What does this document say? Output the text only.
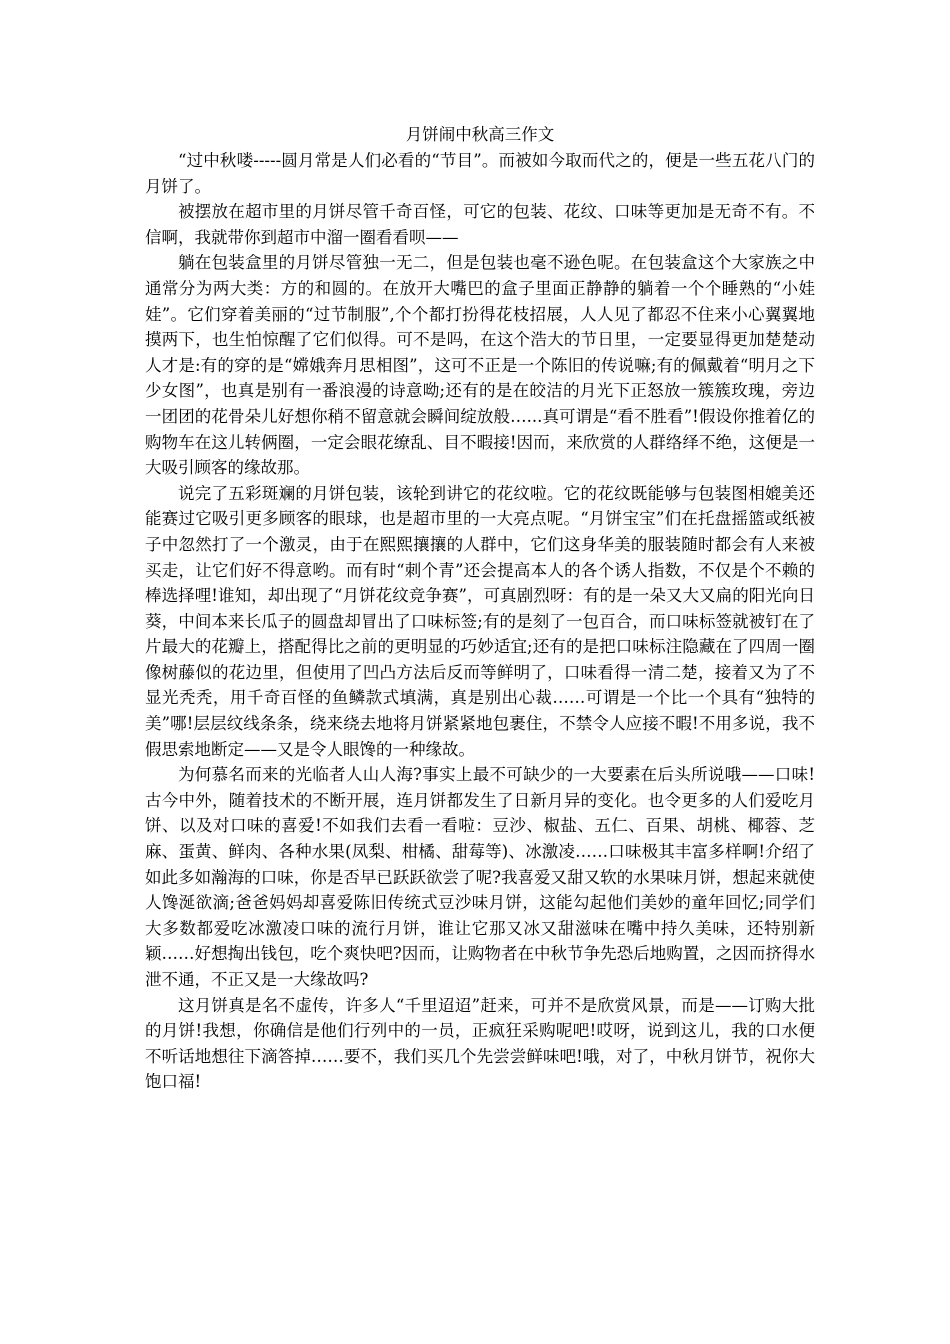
月饼闹中秋高三作文

“过中秋喽-----圆月常是人们必看的“节目”。而被如今取而代之的，便是一些五花八门的月饼了。

被摆放在超市里的月饼尽管千奇百怪，可它的包装、花纹、口味等更加是无奇不有。不信啊，我就带你到超市中溜一圈看看呗——

躺在包装盒里的月饼尽管独一无二，但是包装也毫不逊色呢。在包装盒这个大家族之中通常分为两大类：方的和圆的。在放开大嘴巴的盒子里面正静静的躺着一个个睡熟的“小娃娃”。它们穿着美丽的“过节制服”,个个都打扮得花枝招展，人人见了都忍不住来小心翼翼地摸两下，也生怕惊醒了它们似得。可不是吗，在这个浩大的节日里，一定要显得更加楚楚动人才是:有的穿的是“嫦娥奔月思相图”，这可不正是一个陈旧的传说嘛;有的佩戴着“明月之下少女图”，也真是别有一番浪漫的诗意呦;还有的是在皎洁的月光下正怒放一簇簇玫瑰，旁边一团团的花骨朵儿好想你稍不留意就会瞬间绽放般…...真可谓是“看不胜看”!假设你推着亿的购物车在这儿转俩圈，一定会眼花缭乱、目不暇接!因而，来欣赏的人群络绎不绝，这便是一大吸引顾客的缘故那。

说完了五彩斑斓的月饼包装，该轮到讲它的花纹啦。它的花纹既能够与包装图相媲美还能赛过它吸引更多顾客的眼球，也是超市里的一大亮点呢。“月饼宝宝”们在托盘摇篮或纸被子中忽然打了一个激灵，由于在熙熙攘攘的人群中，它们这身华美的服装随时都会有人来被买走，让它们好不得意哟。而有时“刺个青”还会提高本人的各个诱人指数，不仅是个不赖的棒选择哩!谁知，却出现了“月饼花纹竞争赛”，可真剧烈呀：有的是一朵又大又扁的阳光向日葵，中间本来长瓜子的圆盘却冒出了口味标签;有的是刻了一包百合，而口味标签就被钉在了片最大的花瓣上，搭配得比之前的更明显的巧妙适宜;还有的是把口味标注隐藏在了四周一圈像树藤似的花边里，但使用了凹凸方法后反而等鲜明了，口味看得一清二楚，接着又为了不显光秃秃，用千奇百怪的鱼鳞款式填满，真是别出心裁……可谓是一个比一个具有“独特的美”哪!层层纹线条条，绕来绕去地将月饼紧紧地包裹住，不禁令人应接不暇!不用多说，我不假思索地断定——又是令人眼馋的一种缘故。

为何慕名而来的光临者人山人海?事实上最不可缺少的一大要素在后头所说哦——口味!古今中外，随着技术的不断开展，连月饼都发生了日新月异的变化。也令更多的人们爱吃月饼、以及对口味的喜爱!不如我们去看一看啦：豆沙、椒盐、五仁、百果、胡桃、椰蓉、芝麻、蛋黄、鲜肉、各种水果(凤梨、柑橘、甜莓等)、冰激凌……口味极其丰富多样啊!介绍了如此多如瀚海的口味，你是否早已跃跃欲尝了呢?我喜爱又甜又软的水果味月饼，想起来就使人馋涎欲滴;爸爸妈妈却喜爱陈旧传统式豆沙味月饼，这能勾起他们美妙的童年回忆;同学们大多数都爱吃冰激凌口味的流行月饼，谁让它那又冰又甜滋味在嘴中持久美味，还特别新颖……好想掏出钱包，吃个爽快吧?因而，让购物者在中秋节争先恐后地购置，之因而挤得水泄不通，不正又是一大缘故吗?

这月饼真是名不虚传，许多人“千里迢迢”赶来，可并不是欣赏风景，而是——订购大批的月饼!我想，你确信是他们行列中的一员，正疯狂采购呢吧!哎呀，说到这儿，我的口水便不听话地想往下滴答掉……要不，我们买几个先尝尝鲜味吧!哦，对了，中秋月饼节，祝你大饱口福!
